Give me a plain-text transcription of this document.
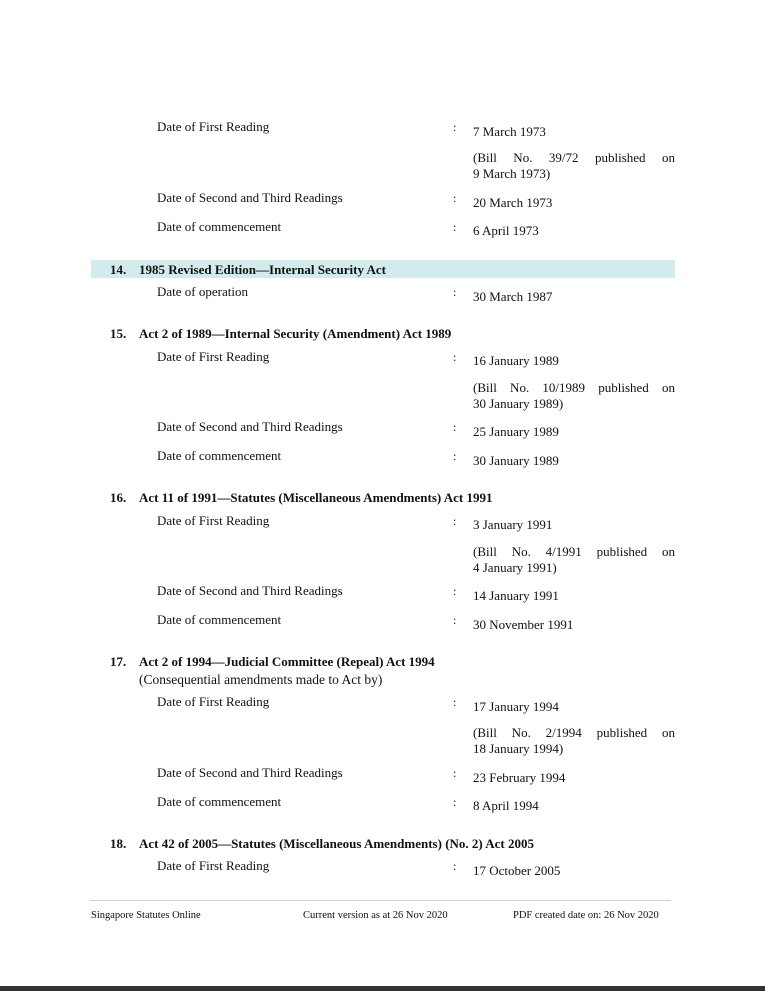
Date of First Reading	: 7 March 1973
(Bill No. 39/72 published on
9 March 1973)
Date of Second and Third Readings	: 20 March 1973
Date of commencement	: 6 April 1973
14. 1985 Revised Edition—Internal Security Act
Date of operation	: 30 March 1987
15. Act 2 of 1989—Internal Security (Amendment) Act 1989
Date of First Reading	: 16 January 1989
(Bill No. 10/1989 published on
30 January 1989)
Date of Second and Third Readings	: 25 January 1989
Date of commencement	: 30 January 1989
16. Act 11 of 1991—Statutes (Miscellaneous Amendments) Act 1991
Date of First Reading	: 3 January 1991
(Bill No. 4/1991 published on
4 January 1991)
Date of Second and Third Readings	: 14 January 1991
Date of commencement	: 30 November 1991
17. Act 2 of 1994—Judicial Committee (Repeal) Act 1994
(Consequential amendments made to Act by)
Date of First Reading	: 17 January 1994
(Bill No. 2/1994 published on
18 January 1994)
Date of Second and Third Readings	: 23 February 1994
Date of commencement	: 8 April 1994
18. Act 42 of 2005—Statutes (Miscellaneous Amendments) (No. 2) Act 2005
Date of First Reading	: 17 October 2005
Singapore Statutes Online	Current version as at 26 Nov 2020	PDF created date on: 26 Nov 2020
